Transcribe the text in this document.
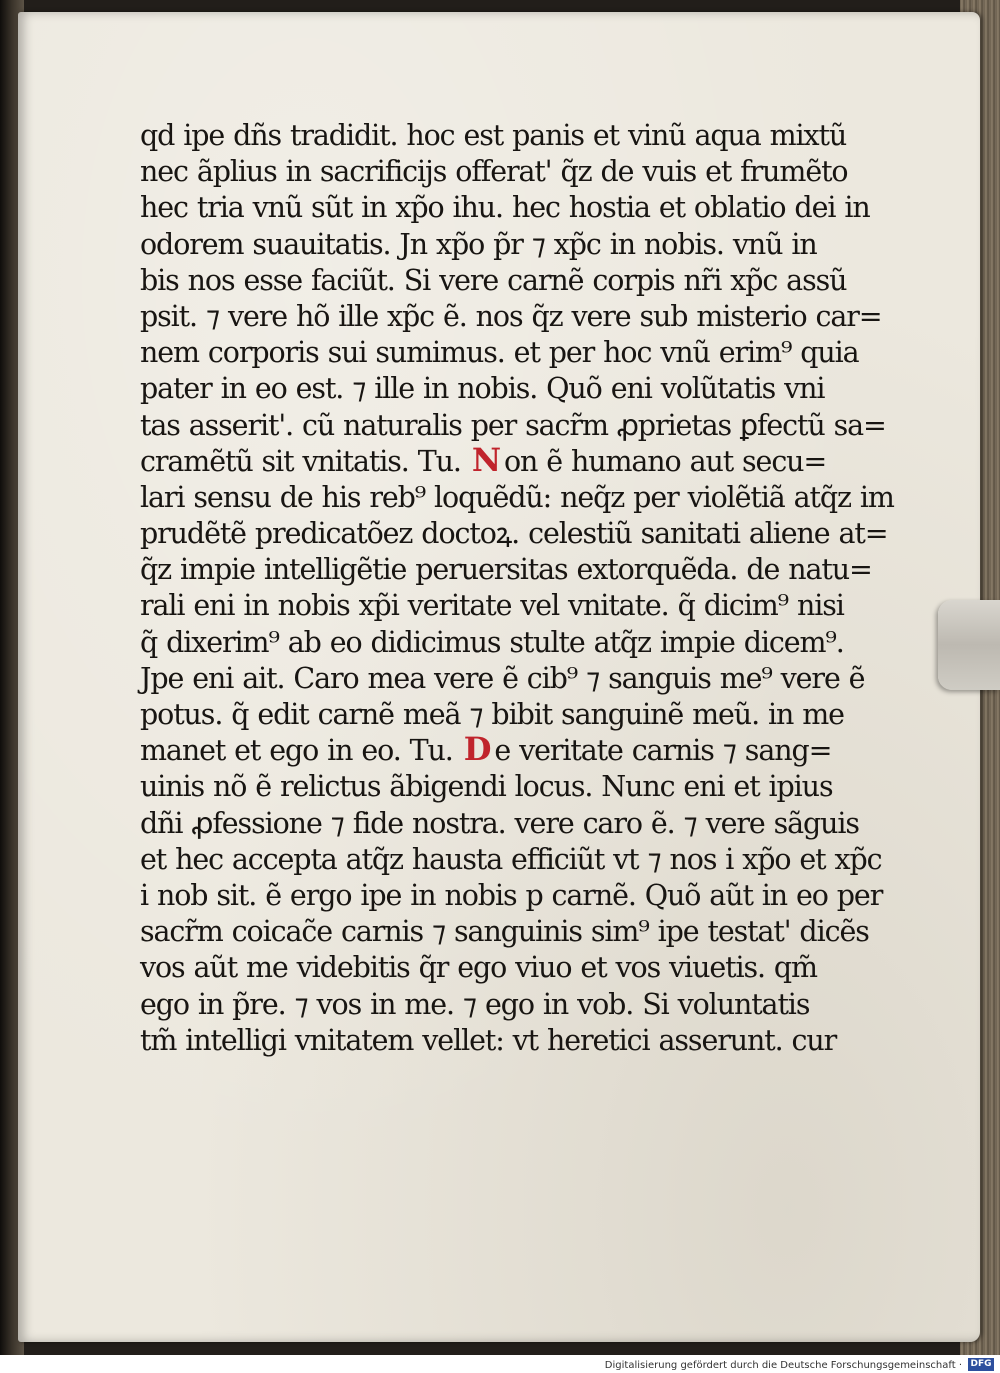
qd ipe dñs tradidit. hoc est panis et vinũ aqua mixtũ
nec ãplius in sacrificijs offerat' q̃z de vuis et frumẽto
hec tria vnũ sũt in xp̃o ihu. hec hostia et oblatio dei in
odorem suauitatis. Jn xp̃o p̃r ⁊ xp̃c in nobis. vnũ in
bis nos esse faciũt. Si vere carnẽ corpis nr̃i xp̃c assũ
psit. ⁊ vere hõ ille xp̃c ẽ. nos q̃z vere sub misterio car=
nem corporis sui sumimus. et per hoc vnũ erim⁹ quia
pater in eo est. ⁊ ille in nobis. Quõ eni volũtatis vni
tas asserit'. cũ naturalis per sacr̃m ꝓprietas ꝑfectũ sa=
cramẽtũ sit vnitatis. Tu. N on ẽ humano aut secu=
lari sensu de his reb⁹ loquẽdũ: neq̃z per violẽtiã atq̃z im
prudẽtẽ predicatõez doctoꝝ. celestiũ sanitati aliene at=
q̃z impie intelligẽtie peruersitas extorquẽda. de natu=
rali eni in nobis xp̃i veritate vel vnitate. q̃ dicim⁹ nisi
q̃ dixerim⁹ ab eo didicimus stulte atq̃z impie dicem⁹.
Jpe eni ait. Caro mea vere ẽ cib⁹ ⁊ sanguis me⁹ vere ẽ
potus. q̃ edit carnẽ meã ⁊ bibit sanguinẽ meũ. in me
manet et ego in eo. Tu. D e veritate carnis ⁊ sang=
uinis nõ ẽ relictus ãbigendi locus. Nunc eni et ipius
dñi ꝓfessione ⁊ fide nostra. vere caro ẽ. ⁊ vere sãguis
et hec accepta atq̃z hausta efficiũt vt ⁊ nos i xp̃o et xp̃c
i nob sit. ẽ ergo ipe in nobis p carnẽ. Quõ aũt in eo per
sacr̃m coicac̃e carnis ⁊ sanguinis sim⁹ ipe testat' dicẽs
vos aũt me videbitis q̃r ego viuo et vos viuetis. qm̃
ego in p̃re. ⁊ vos in me. ⁊ ego in vob. Si voluntatis
tm̃ intelligi vnitatem vellet: vt heretici asserunt. cur
Digitalisierung gefördert durch die Deutsche Forschungsgemeinschaft · DFG
